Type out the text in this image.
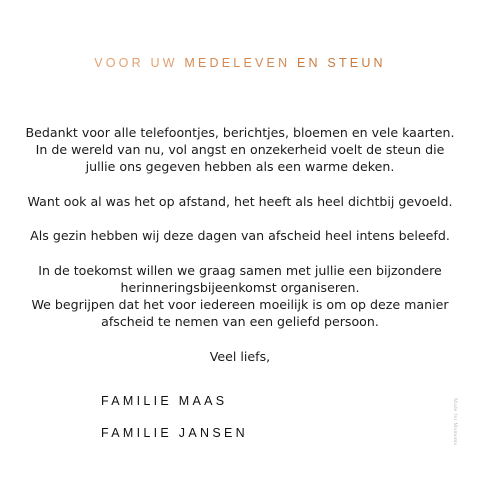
VOOR UW MEDELEVEN EN STEUN

Bedankt voor alle telefoontjes, berichtjes, bloemen en vele kaarten.
In de wereld van nu, vol angst en onzekerheid voelt de steun die
jullie ons gegeven hebben als een warme deken.

Want ook al was het op afstand, het heeft als heel dichtbij gevoeld.

Als gezin hebben wij deze dagen van afscheid heel intens beleefd.

In de toekomst willen we graag samen met jullie een bijzondere
herinneringsbijeenkomst organiseren.
We begrijpen dat het voor iedereen moeilijk is om op deze manier
afscheid te nemen van een geliefd persoon.

Veel liefs,

FAMILIE MAAS
FAMILIE JANSEN	Made for Moments
